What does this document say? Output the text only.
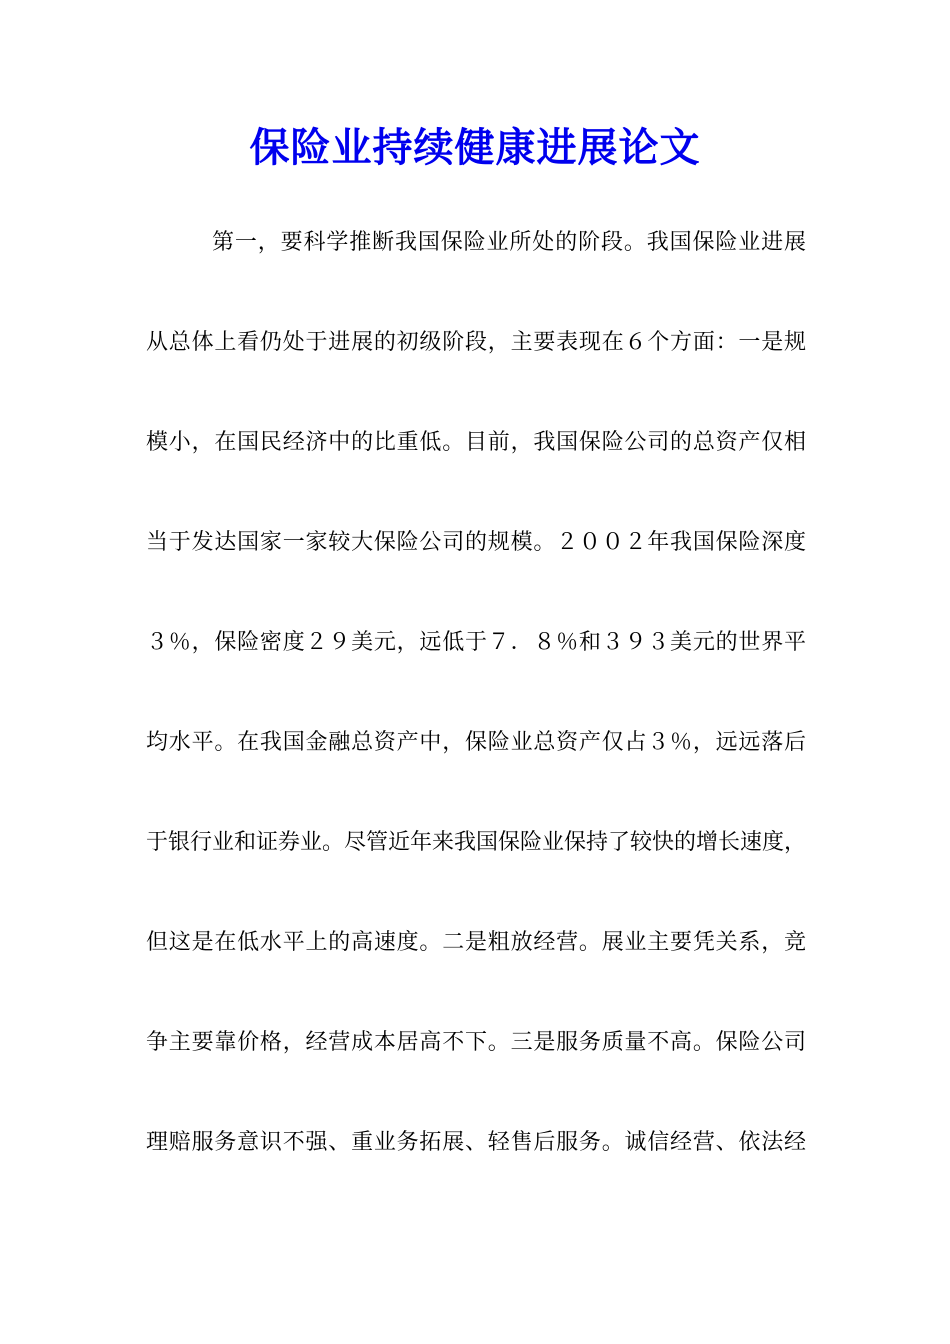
保险业持续健康进展论文
第一，要科学推断我国保险业所处的阶段。我国保险业进展
从总体上看仍处于进展的初级阶段，主要表现在６个方面：一是规
模小，在国民经济中的比重低。目前，我国保险公司的总资产仅相
当于发达国家一家较大保险公司的规模。２００２年我国保险深度
３％，保险密度２９美元，远低于７．８％和３９３美元的世界平
均水平。在我国金融总资产中，保险业总资产仅占３％，远远落后
于银行业和证券业。尽管近年来我国保险业保持了较快的增长速度，
但这是在低水平上的高速度。二是粗放经营。展业主要凭关系，竞
争主要靠价格，经营成本居高不下。三是服务质量不高。保险公司
理赔服务意识不强、重业务拓展、轻售后服务。诚信经营、依法经
